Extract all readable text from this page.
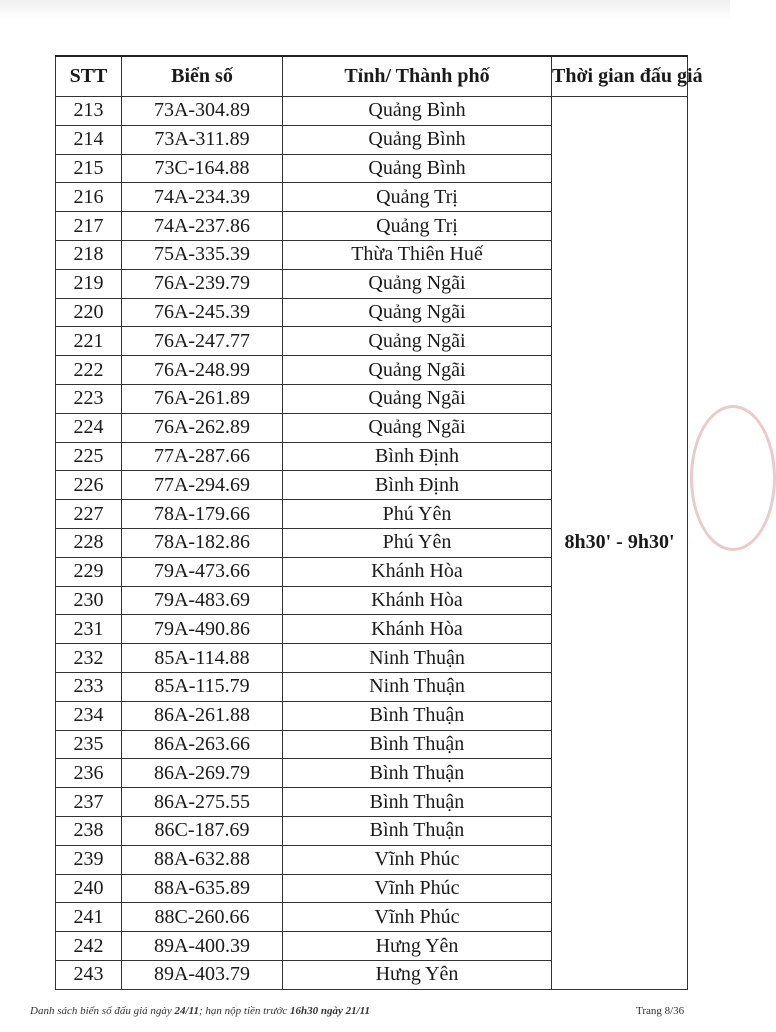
STT	Biển số	Tỉnh/ Thành phố	Thời gian đấu giá
213	73A-304.89	Quảng Bình	8h30' - 9h30'
214	73A-311.89	Quảng Bình	
215	73C-164.88	Quảng Bình	
216	74A-234.39	Quảng Trị	
217	74A-237.86	Quảng Trị	
218	75A-335.39	Thừa Thiên Huế	
219	76A-239.79	Quảng Ngãi	
220	76A-245.39	Quảng Ngãi	
221	76A-247.77	Quảng Ngãi	
222	76A-248.99	Quảng Ngãi	
223	76A-261.89	Quảng Ngãi	
224	76A-262.89	Quảng Ngãi	
225	77A-287.66	Bình Định	
226	77A-294.69	Bình Định	
227	78A-179.66	Phú Yên	
228	78A-182.86	Phú Yên	
229	79A-473.66	Khánh Hòa	
230	79A-483.69	Khánh Hòa	
231	79A-490.86	Khánh Hòa	
232	85A-114.88	Ninh Thuận	
233	85A-115.79	Ninh Thuận	
234	86A-261.88	Bình Thuận	
235	86A-263.66	Bình Thuận	
236	86A-269.79	Bình Thuận	
237	86A-275.55	Bình Thuận	
238	86C-187.69	Bình Thuận	
239	88A-632.88	Vĩnh Phúc	
240	88A-635.89	Vĩnh Phúc	
241	88C-260.66	Vĩnh Phúc	
242	89A-400.39	Hưng Yên	
243	89A-403.79	Hưng Yên	
Danh sách biển số đấu giá ngày 24/11; hạn nộp tiền trước 16h30 ngày 21/11	Trang 8/36
